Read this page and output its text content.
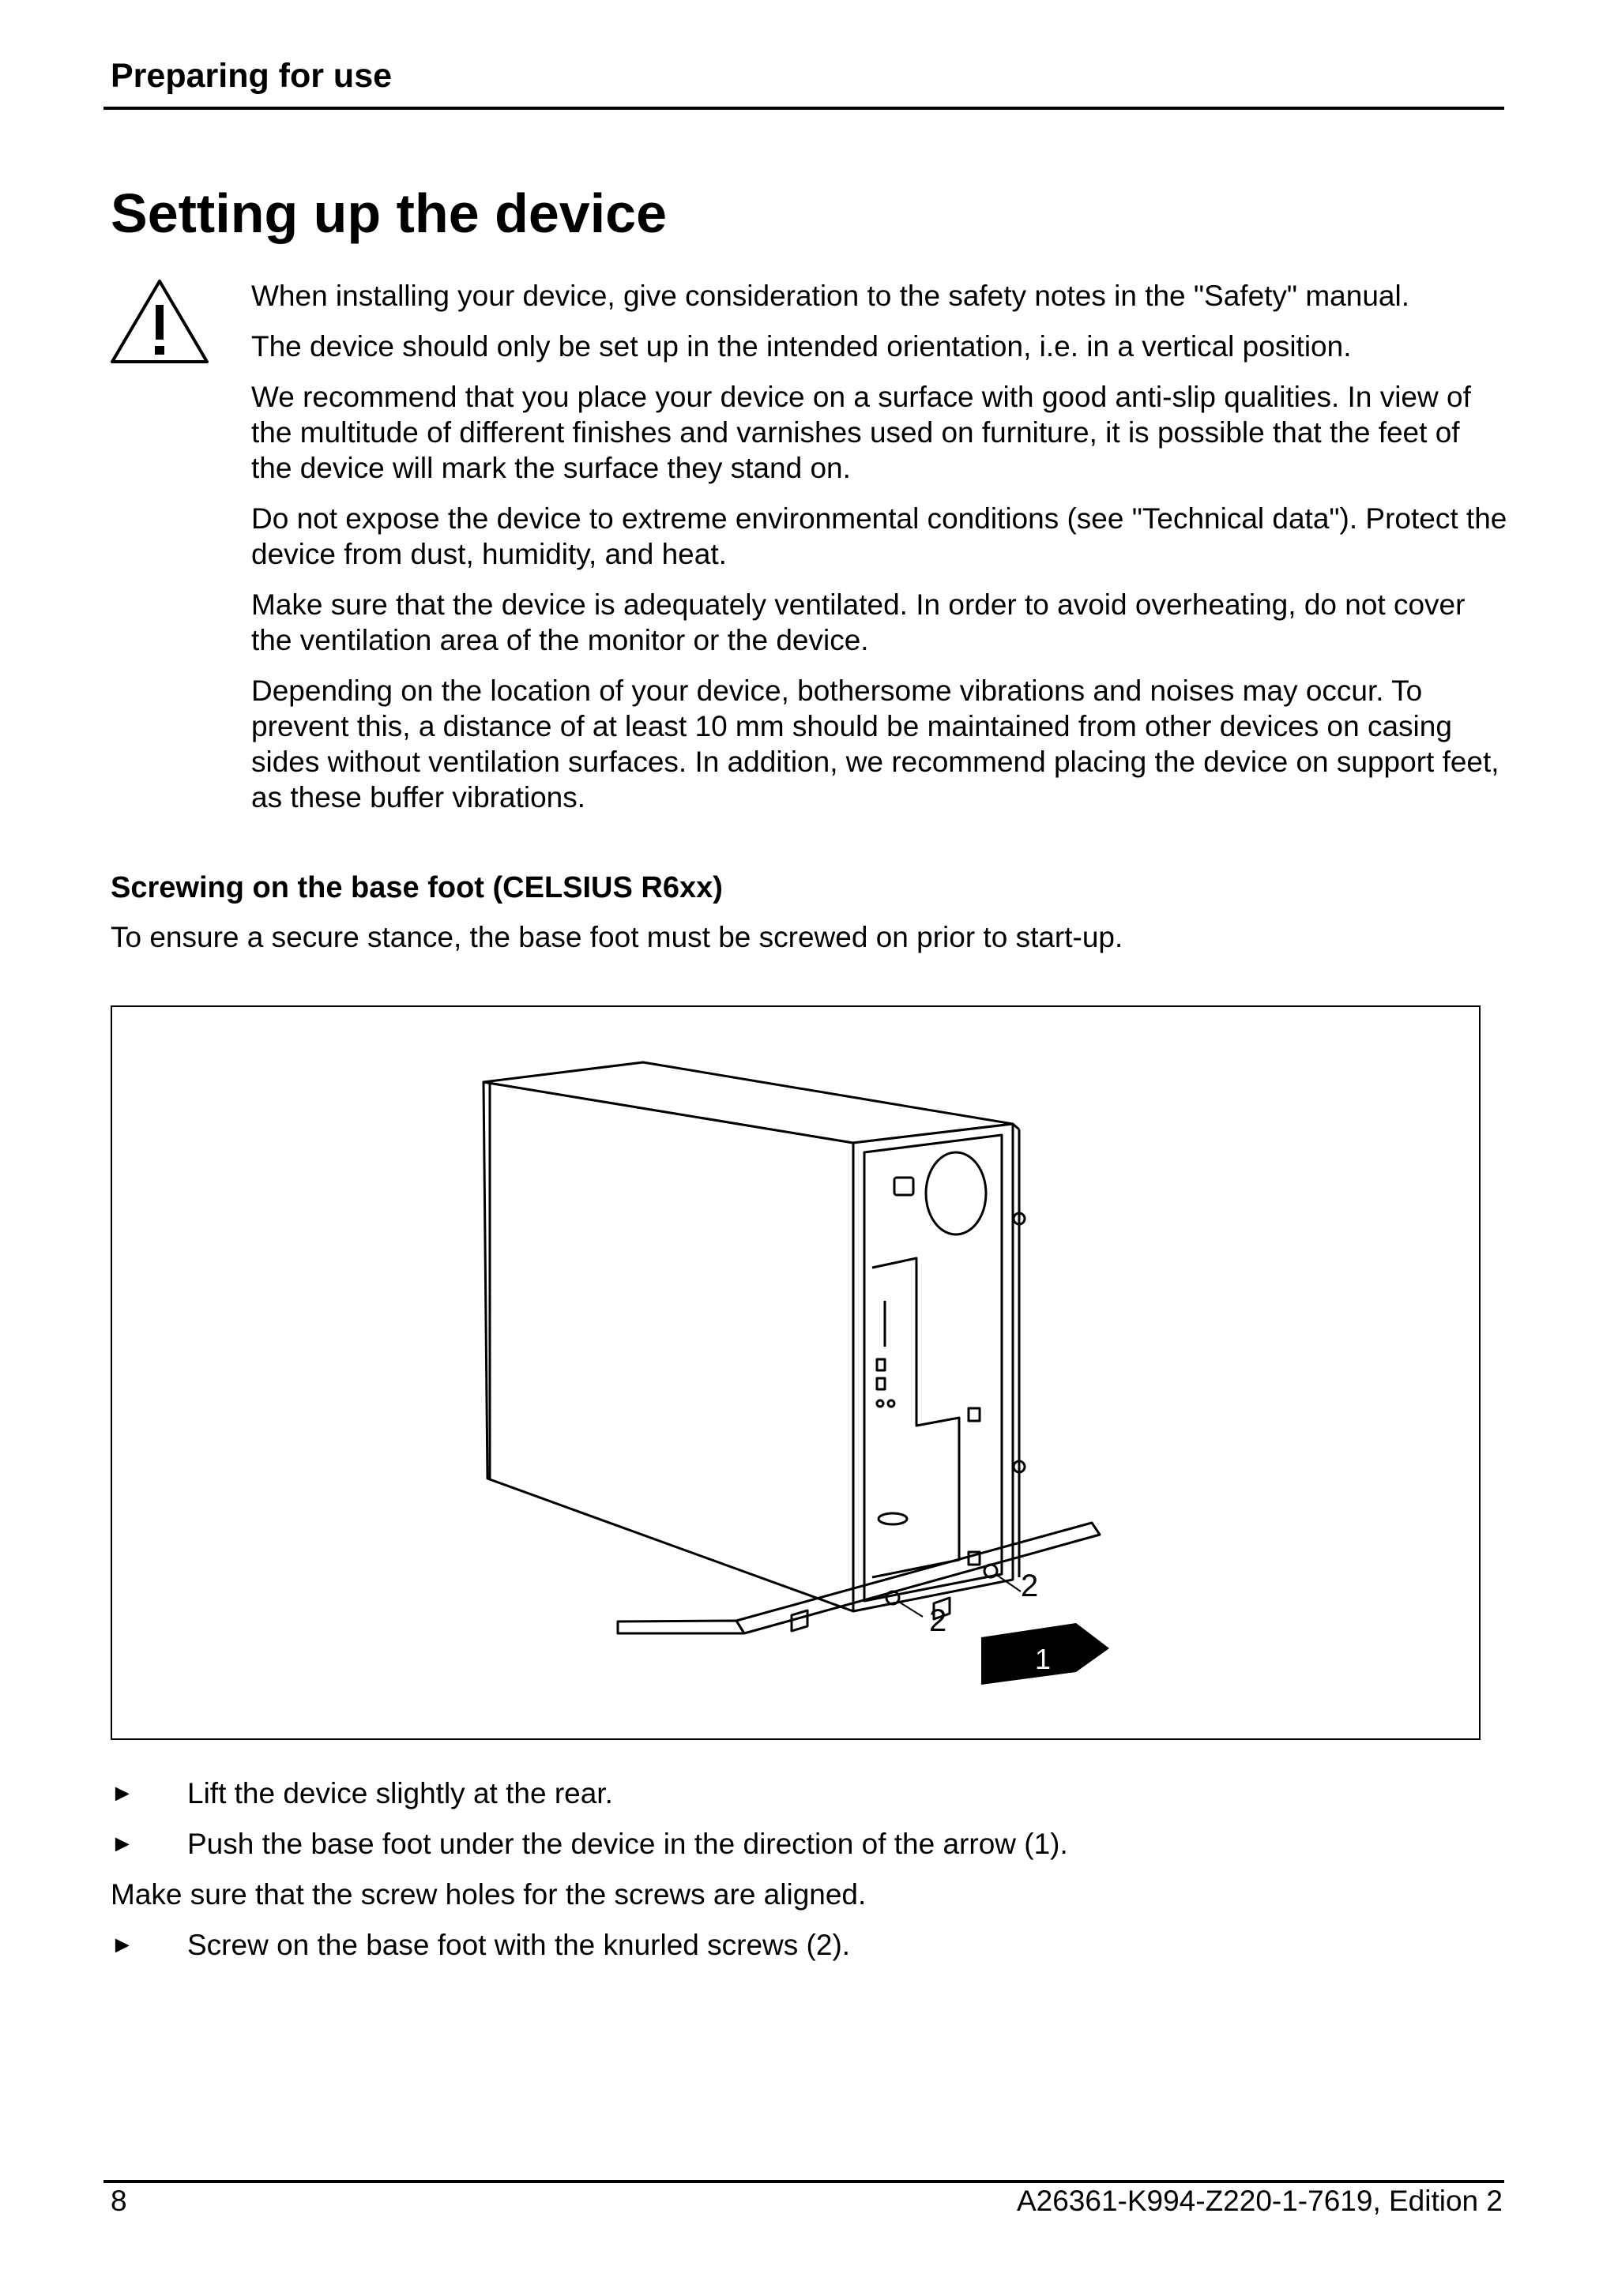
Preparing for use
Setting up the device

When installing your device, give consideration to the safety notes in the "Safety" manual.

The device should only be set up in the intended orientation, i.e. in a vertical position.

We recommend that you place your device on a surface with good anti-slip qualities. In view of the multitude of different finishes and varnishes used on furniture, it is possible that the feet of the device will mark the surface they stand on.

Do not expose the device to extreme environmental conditions (see "Technical data"). Protect the device from dust, humidity, and heat.

Make sure that the device is adequately ventilated. In order to avoid overheating, do not cover the ventilation area of the monitor or the device.

Depending on the location of your device, bothersome vibrations and noises may occur. To prevent this, a distance of at least 10 mm should be maintained from other devices on casing sides without ventilation surfaces. In addition, we recommend placing the device on support feet, as these buffer vibrations.

Screwing on the base foot (CELSIUS R6xx)
To ensure a secure stance, the base foot must be screwed on prior to start-up.
1
2
2
► Lift the device slightly at the rear.
► Push the base foot under the device in the direction of the arrow (1).
Make sure that the screw holes for the screws are aligned.
► Screw on the base foot with the knurled screws (2).
8	A26361-K994-Z220-1-7619, Edition 2
